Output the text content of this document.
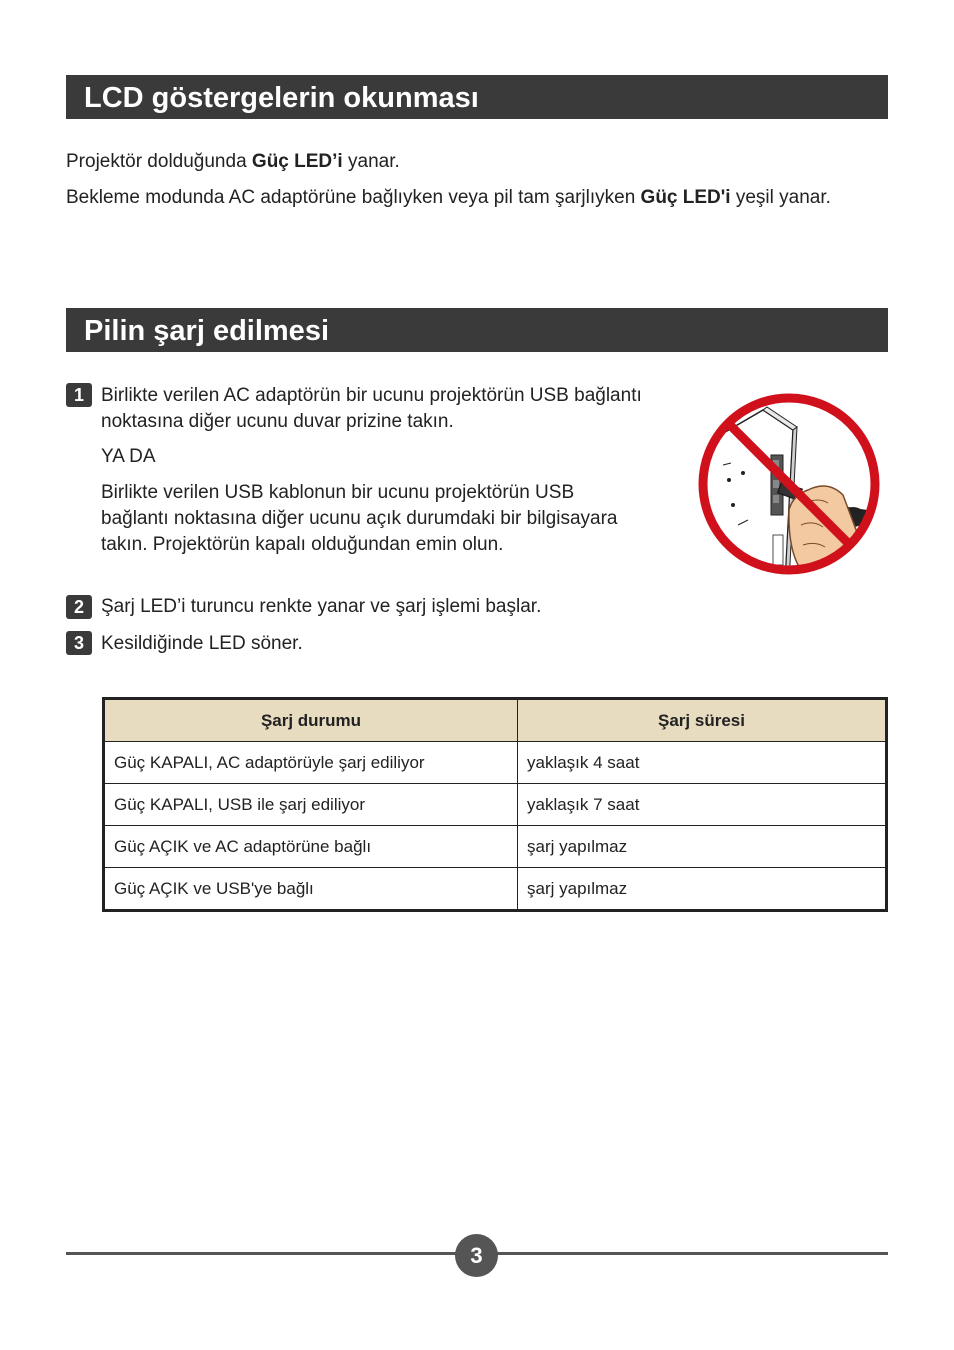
LCD göstergelerin okunması

Projektör dolduğunda Güç LED’i yanar.

Bekleme modunda AC adaptörüne bağlıyken veya pil tam şarjlıyken Güç LED'i yeşil yanar.

Pilin şarj edilmesi
1 Birlikte verilen AC adaptörün bir ucunu projektörün USB bağlantı noktasına diğer ucunu duvar prizine takın.

YA DA

Birlikte verilen USB kablonun bir ucunu projektörün USB bağlantı noktasına diğer ucunu açık durumdaki bir bilgisayara takın. Projektörün kapalı olduğundan emin olun.

2 Şarj LED’i turuncu renkte yanar ve şarj işlemi başlar.

3 Kesildiğinde LED söner.

Şarj durumu	Şarj süresi
Güç KAPALI, AC adaptörüyle şarj ediliyor	yaklaşık 4 saat
Güç KAPALI, USB ile şarj ediliyor	yaklaşık 7 saat
Güç AÇIK ve AC adaptörüne bağlı	şarj yapılmaz
Güç AÇIK ve USB'ye bağlı	şarj yapılmaz
3
